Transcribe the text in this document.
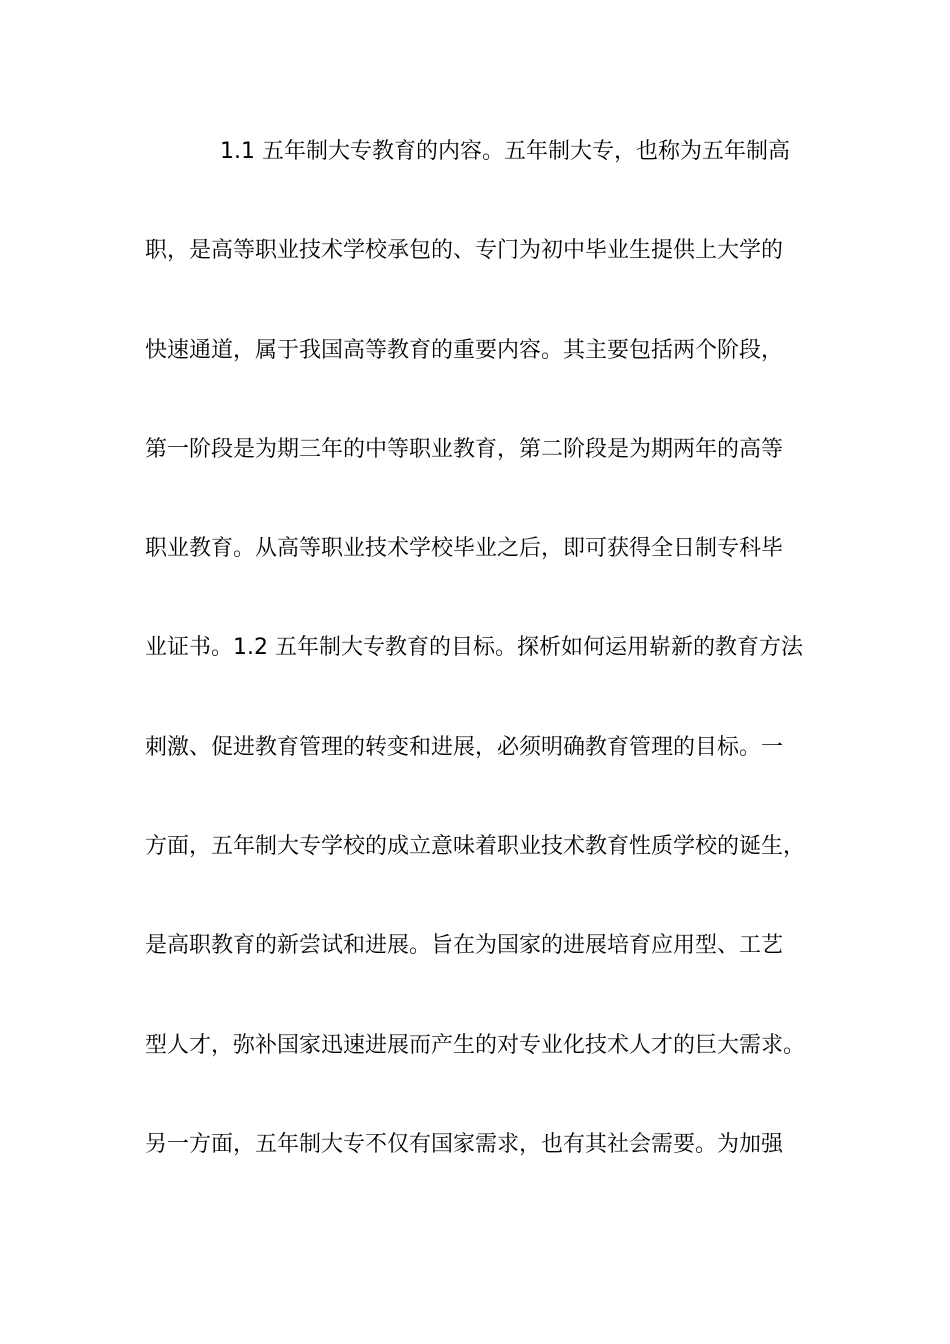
1.1 五年制大专教育的内容。五年制大专，也称为五年制高
职，是高等职业技术学校承包的、专门为初中毕业生提供上大学的
快速通道，属于我国高等教育的重要内容。其主要包括两个阶段，
第一阶段是为期三年的中等职业教育，第二阶段是为期两年的高等
职业教育。从高等职业技术学校毕业之后，即可获得全日制专科毕
业证书。1.2 五年制大专教育的目标。探析如何运用崭新的教育方法
刺激、促进教育管理的转变和进展，必须明确教育管理的目标。一
方面，五年制大专学校的成立意味着职业技术教育性质学校的诞生，
是高职教育的新尝试和进展。旨在为国家的进展培育应用型、工艺
型人才，弥补国家迅速进展而产生的对专业化技术人才的巨大需求。
另一方面，五年制大专不仅有国家需求，也有其社会需要。为加强
